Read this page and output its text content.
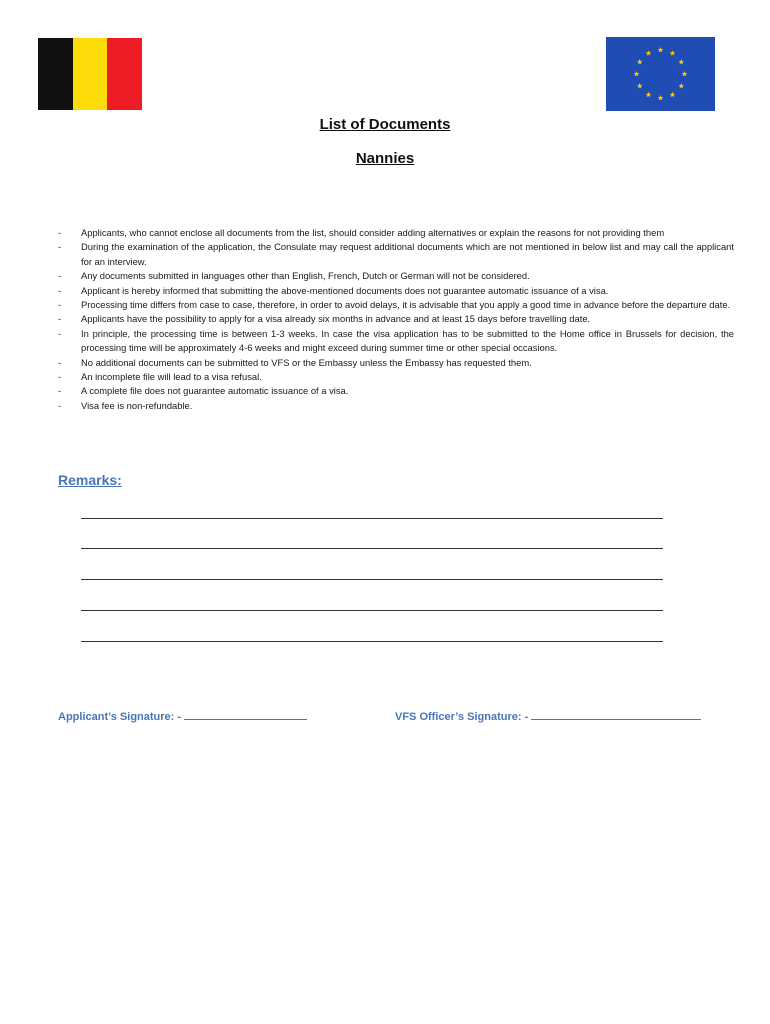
List of Documents
Nannies
-	Applicants, who cannot enclose all documents from the list, should consider adding alternatives or explain the reasons for not providing them
-	During the examination of the application, the Consulate may request additional documents which are not mentioned in below list and may call the applicant for an interview.
-	Any documents submitted in languages other than English, French, Dutch or German will not be considered.
-	Applicant is hereby informed that submitting the above-mentioned documents does not guarantee automatic issuance of a visa.
-	Processing time differs from case to case, therefore, in order to avoid delays, it is advisable that you apply a good time in advance before the departure date.
-	Applicants have the possibility to apply for a visa already six months in advance and at least 15 days before travelling date.
-	In principle, the processing time is between 1-3 weeks. In case the visa application has to be submitted to the Home office in Brussels for decision, the processing time will be approximately 4-6 weeks and might exceed during summer time or other special occasions.
-	No additional documents can be submitted to VFS or the Embassy unless the Embassy has requested them.
-	An incomplete file will lead to a visa refusal.
-	A complete file does not guarantee automatic issuance of a visa.
-	Visa fee is non-refundable.
Remarks:
Applicant’s Signature: -	VFS Officer’s Signature: -
